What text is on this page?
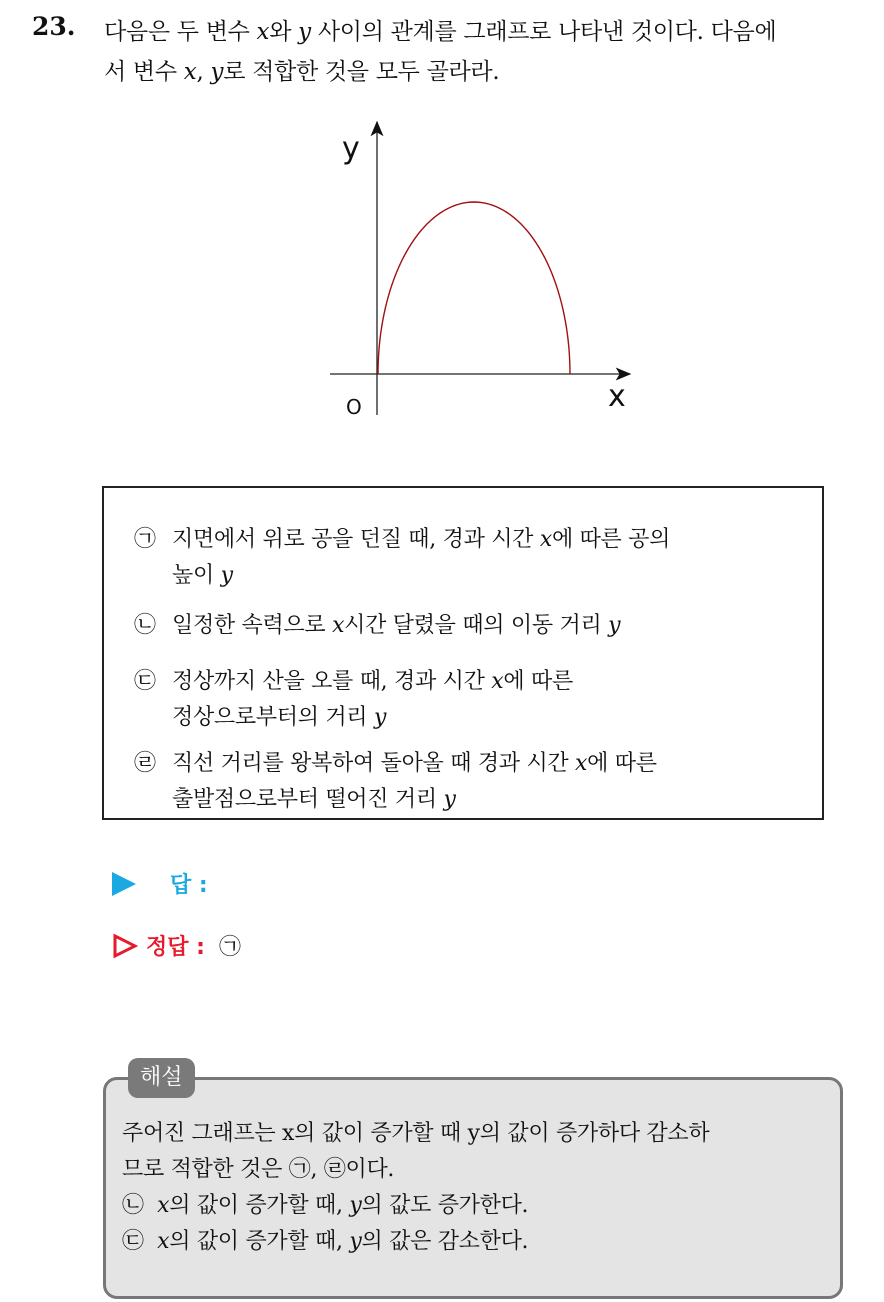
23. 다음은 두 변수 x와 y 사이의 관계를 그래프로 나타낸 것이다. 다음에

서 변수 x, y로 적합한 것을 모두 골라라.

y
x
O
㉠ 지면에서 위로 공을 던질 때, 경과 시간 x에 따른 공의
높이 y
㉡ 일정한 속력으로 x시간 달렸을 때의 이동 거리 y
㉢ 정상까지 산을 오를 때, 경과 시간 x에 따른
정상으로부터의 거리 y
㉣ 직선 거리를 왕복하여 돌아올 때 경과 시간 x에 따른
출발점으로부터 떨어진 거리 y
답 :
정답 : ㉠
해설

주어진 그래프는 x의 값이 증가할 때 y의 값이 증가하다 감소하

므로 적합한 것은 ㉠, ㉣이다.

㉡ x의 값이 증가할 때, y의 값도 증가한다.

㉢ x의 값이 증가할 때, y의 값은 감소한다.
